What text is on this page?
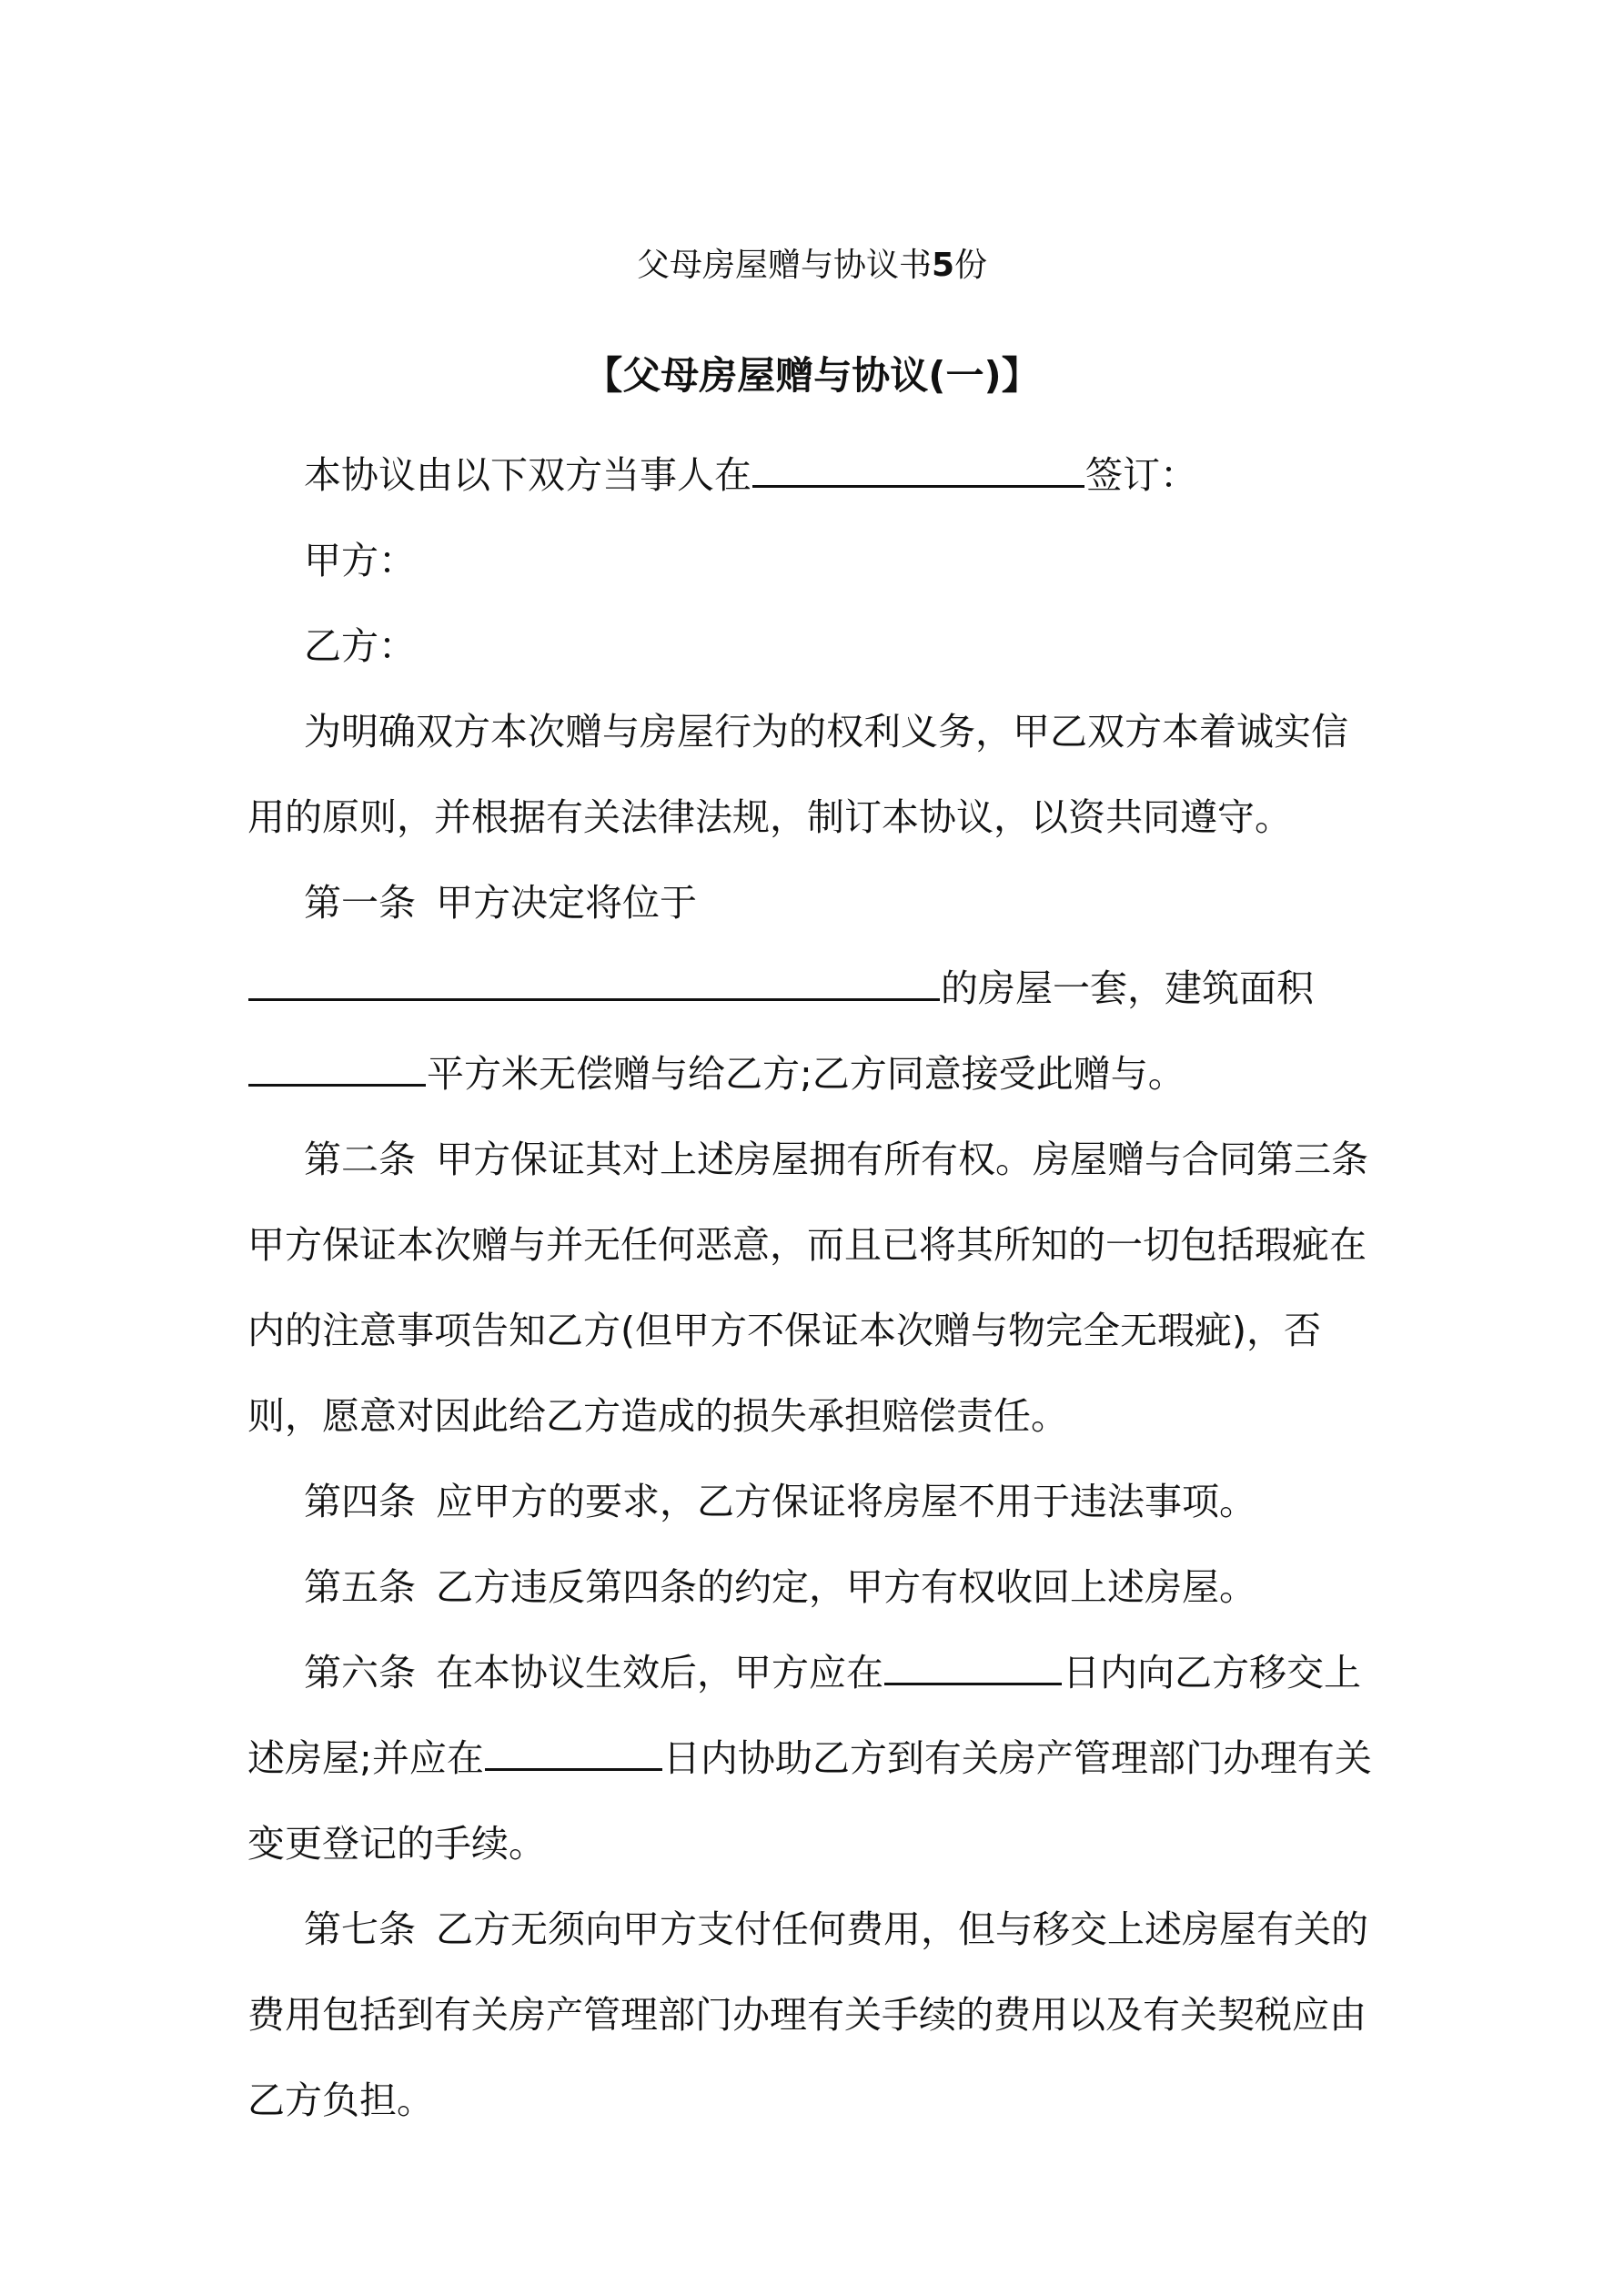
父母房屋赠与协议书5份
【父母房屋赠与协议(一)】

本协议由以下双方当事人在	签订：

甲方：

乙方：

为明确双方本次赠与房屋行为的权利义务，甲乙双方本着诚实信用的原则，并根据有关法律法规，制订本协议，以资共同遵守。

第一条 甲方决定将位于

的房屋一套，建筑面积

平方米无偿赠与给乙方;乙方同意接受此赠与。

第二条 甲方保证其对上述房屋拥有所有权。房屋赠与合同第三条 甲方保证本次赠与并无任何恶意，而且已将其所知的一切包括瑕疵在内的注意事项告知乙方(但甲方不保证本次赠与物完全无瑕疵)，否则，愿意对因此给乙方造成的损失承担赔偿责任。

第四条 应甲方的要求，乙方保证将房屋不用于违法事项。

第五条 乙方违反第四条的约定，甲方有权收回上述房屋。

第六条 在本协议生效后，甲方应在	日内向乙方移交上述房屋;并应在	日内协助乙方到有关房产管理部门办理有关变更登记的手续。

第七条 乙方无须向甲方支付任何费用，但与移交上述房屋有关的费用包括到有关房产管理部门办理有关手续的费用以及有关契税应由乙方负担。
